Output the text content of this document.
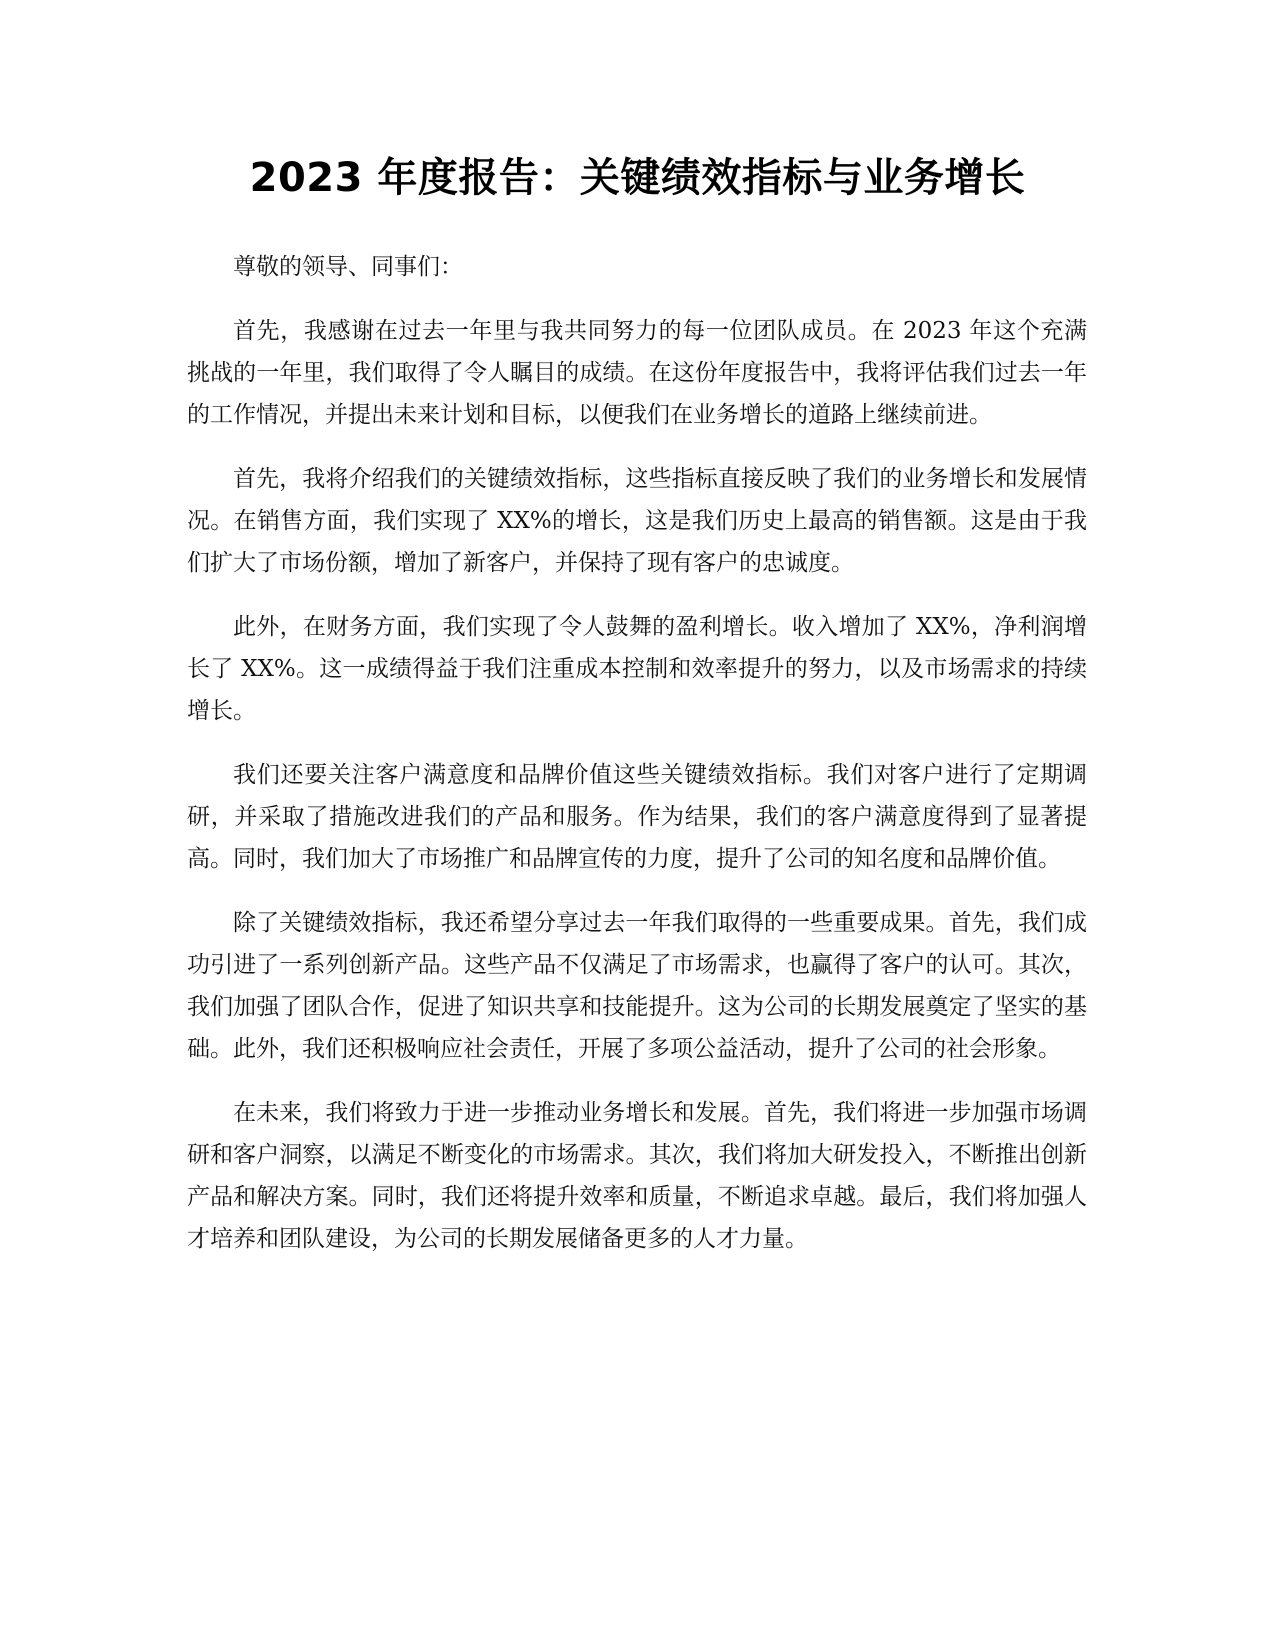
2023 年度报告：关键绩效指标与业务增长

尊敬的领导、同事们：

首先，我感谢在过去一年里与我共同努力的每一位团队成员。在 2023 年这个充满挑战的一年里，我们取得了令人瞩目的成绩。在这份年度报告中，我将评估我们过去一年的工作情况，并提出未来计划和目标，以便我们在业务增长的道路上继续前进。

首先，我将介绍我们的关键绩效指标，这些指标直接反映了我们的业务增长和发展情况。在销售方面，我们实现了 XX%的增长，这是我们历史上最高的销售额。这是由于我们扩大了市场份额，增加了新客户，并保持了现有客户的忠诚度。

此外，在财务方面，我们实现了令人鼓舞的盈利增长。收入增加了 XX%，净利润增长了 XX%。这一成绩得益于我们注重成本控制和效率提升的努力，以及市场需求的持续增长。

我们还要关注客户满意度和品牌价值这些关键绩效指标。我们对客户进行了定期调研，并采取了措施改进我们的产品和服务。作为结果，我们的客户满意度得到了显著提高。同时，我们加大了市场推广和品牌宣传的力度，提升了公司的知名度和品牌价值。

除了关键绩效指标，我还希望分享过去一年我们取得的一些重要成果。首先，我们成功引进了一系列创新产品。这些产品不仅满足了市场需求，也赢得了客户的认可。其次，我们加强了团队合作，促进了知识共享和技能提升。这为公司的长期发展奠定了坚实的基础。此外，我们还积极响应社会责任，开展了多项公益活动，提升了公司的社会形象。

在未来，我们将致力于进一步推动业务增长和发展。首先，我们将进一步加强市场调研和客户洞察，以满足不断变化的市场需求。其次，我们将加大研发投入，不断推出创新产品和解决方案。同时，我们还将提升效率和质量，不断追求卓越。最后，我们将加强人才培养和团队建设，为公司的长期发展储备更多的人才力量。
